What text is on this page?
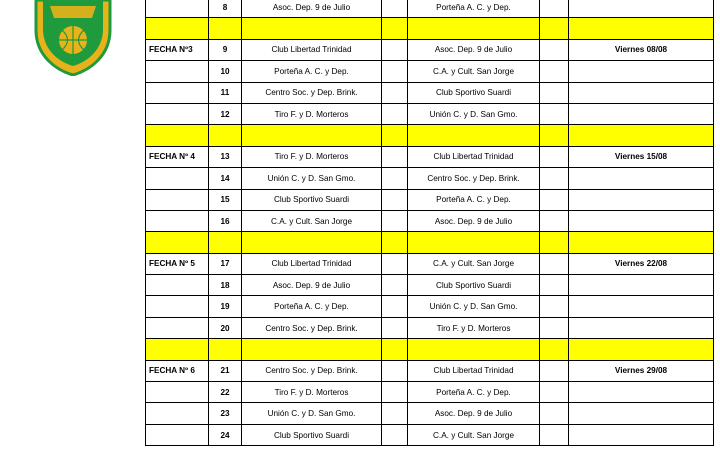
	8	Asoc. Dep. 9 de Julio		Porteña A. C. y Dep.		

FECHA Nº3	9	Club Libertad Trinidad		Asoc. Dep. 9 de Julio		Viernes 08/08
	10	Porteña A. C. y Dep.		C.A. y Cult. San Jorge		
	11	Centro Soc. y Dep. Brink.		Club Sportivo Suardi		
	12	Tiro F. y D. Morteros		Unión C. y D. San Gmo.		

FECHA Nº 4	13	Tiro F. y D. Morteros		Club Libertad Trinidad		Viernes 15/08
	14	Unión C. y D. San Gmo.		Centro Soc. y Dep. Brink.		
	15	Club Sportivo Suardi		Porteña A. C. y Dep.		
	16	C.A. y Cult. San Jorge		Asoc. Dep. 9 de Julio		

FECHA Nº 5	17	Club Libertad Trinidad		C.A. y Cult. San Jorge		Viernes 22/08
	18	Asoc. Dep. 9 de Julio		Club Sportivo Suardi		
	19	Porteña A. C. y Dep.		Unión C. y D. San Gmo.		
	20	Centro Soc. y Dep. Brink.		Tiro F. y D. Morteros		

FECHA Nº 6	21	Centro Soc. y Dep. Brink.		Club Libertad Trinidad		Viernes 29/08
	22	Tiro F. y D. Morteros		Porteña A. C. y Dep.		
	23	Unión C. y D. San Gmo.		Asoc. Dep. 9 de Julio		
	24	Club Sportivo Suardi		C.A. y Cult. San Jorge		
